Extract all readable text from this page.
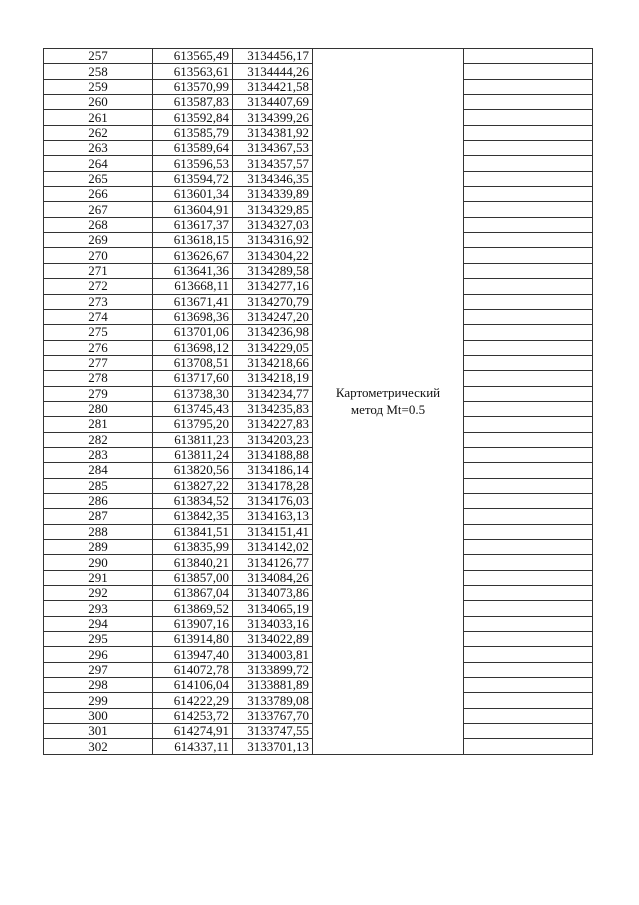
257	613565,49	3134456,17	Картометрический
метод Mt=0.5	

258	613563,61	3134444,26		
259	613570,99	3134421,58		
260	613587,83	3134407,69		
261	613592,84	3134399,26		
262	613585,79	3134381,92		
263	613589,64	3134367,53		
264	613596,53	3134357,57		
265	613594,72	3134346,35		
266	613601,34	3134339,89		
267	613604,91	3134329,85		
268	613617,37	3134327,03		
269	613618,15	3134316,92		
270	613626,67	3134304,22		
271	613641,36	3134289,58		
272	613668,11	3134277,16		
273	613671,41	3134270,79		
274	613698,36	3134247,20		
275	613701,06	3134236,98		
276	613698,12	3134229,05		
277	613708,51	3134218,66		
278	613717,60	3134218,19		
279	613738,30	3134234,77		
280	613745,43	3134235,83		
281	613795,20	3134227,83		
282	613811,23	3134203,23		
283	613811,24	3134188,88		
284	613820,56	3134186,14		
285	613827,22	3134178,28		
286	613834,52	3134176,03		
287	613842,35	3134163,13		
288	613841,51	3134151,41		
289	613835,99	3134142,02		
290	613840,21	3134126,77		
291	613857,00	3134084,26		
292	613867,04	3134073,86		
293	613869,52	3134065,19		
294	613907,16	3134033,16		
295	613914,80	3134022,89		
296	613947,40	3134003,81		
297	614072,78	3133899,72		
298	614106,04	3133881,89		
299	614222,29	3133789,08		
300	614253,72	3133767,70		
301	614274,91	3133747,55		
302	614337,11	3133701,13		
